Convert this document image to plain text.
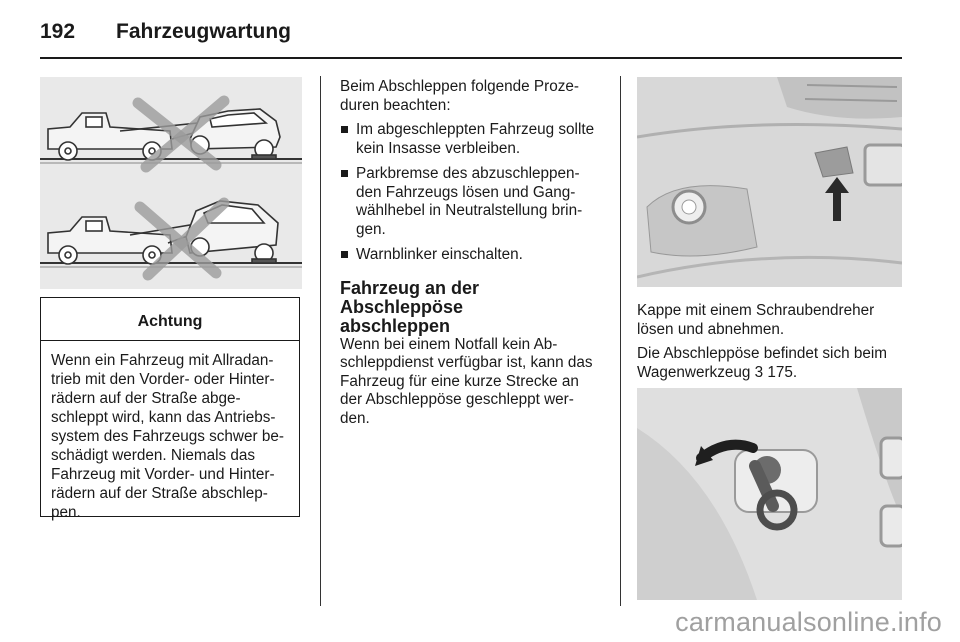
192 Fahrzeugwartung
Achtung
Wenn ein Fahrzeug mit Allradan-
trieb mit den Vorder- oder Hinter-
rädern auf der Straße abge-
schleppt wird, kann das Antriebs-
system des Fahrzeugs schwer be-
schädigt werden. Niemals das
Fahrzeug mit Vorder- und Hinter-
rädern auf der Straße abschlep-
pen.

Beim Abschleppen folgende Proze-
duren beachten:

Im abgeschleppten Fahrzeug sollte
kein Insasse verbleiben.
Parkbremse des abzuschleppen-
den Fahrzeugs lösen und Gang-
wählhebel in Neutralstellung brin-
gen.
Warnblinker einschalten.
Fahrzeug an der Abschleppöse
abschleppen

Wenn bei einem Notfall kein Ab-
schleppdienst verfügbar ist, kann das
Fahrzeug für eine kurze Strecke an
der Abschleppöse geschleppt wer-
den.

Kappe mit einem Schraubendreher
lösen und abnehmen.

Die Abschleppöse befindet sich beim
Wagenwerkzeug 3 175.

carmanualsonline.info
